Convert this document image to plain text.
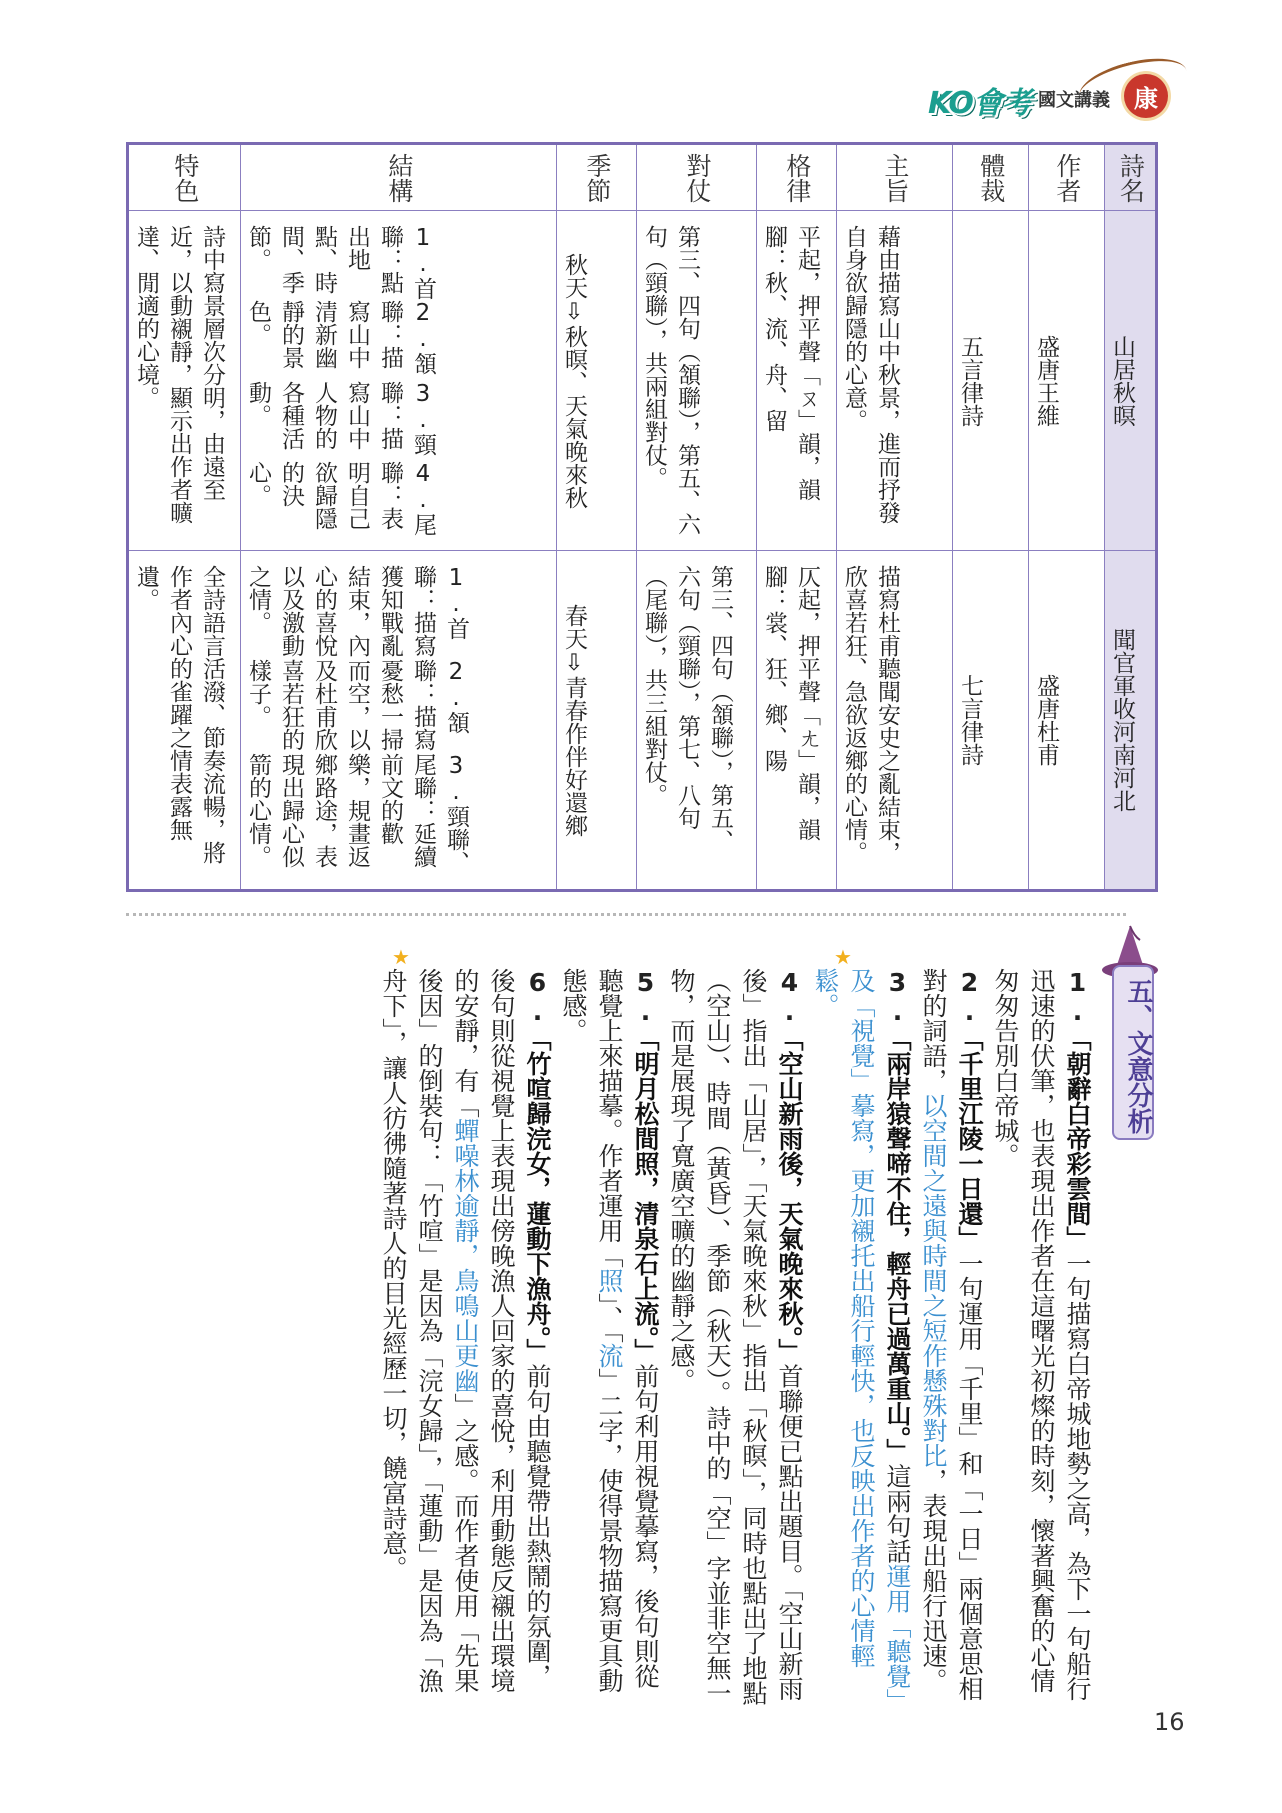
KO會考 國文講義	康
特色
詩中寫景層次分明，由遠至近，以動襯靜，顯示出作者曠達、閒適的心境。
全詩語言活潑、節奏流暢，將作者內心的雀躍之情表露無遺。
結構

1.首聯：點出地點、時間、季節。

2.頷聯：描寫山中清新幽靜的景色。

3.頸聯：描寫山中人物的各種活動。

4.尾聯：表明自己欲歸隱的決心。

1.首聯：描寫獲知戰亂結束，內心的喜悅以及激動之情。

2.頷聯：描寫憂愁一掃而空，以及杜甫欣喜若狂的樣子。

3.頸聯、尾聯：延續前文的歡樂，規畫返鄉路途，表現出歸心似箭的心情。

季節
秋天⇩秋暝、天氣晚來秋
春天⇩青春作伴好還鄉
對仗
第三、四句（頷聯），第五、六句（頸聯），共兩組對仗。
第三、四句（頷聯），第五、六句（頸聯），第七、八句（尾聯），共三組對仗。
格律
平起，押平聲「ㄡ」韻，韻腳：秋、流、舟、留
仄起，押平聲「ㄤ」韻，韻腳：裳、狂、鄉、陽
主旨
藉由描寫山中秋景，進而抒發自身欲歸隱的心意。
描寫杜甫聽聞安史之亂結束，欣喜若狂、急欲返鄉的心情。
體裁
五言律詩
七言律詩
作者
盛唐王維
盛唐杜甫
詩名
山居秋暝
聞官軍收河南河北
五、文意分析

1.「朝辭白帝彩雲間」一句描寫白帝城地勢之高，為下一句船行迅速的伏筆，也表現出作者在這曙光初燦的時刻，懷著興奮的心情匆匆告別白帝城。

2.「千里江陵一日還」一句運用「千里」和「一日」兩個意思相對的詞語，以空間之遠與時間之短作懸殊對比，表現出船行迅速。

3.「兩岸猿聲啼不住，輕舟已過萬重山。」這兩句話運用「聽覺」及「視覺」摹寫，更加襯托出船行輕快，也反映出作者的心情輕鬆。

4.「空山新雨後，天氣晚來秋。」首聯便已點出題目。「空山新雨後」指出「山居」，「天氣晚來秋」指出「秋暝」，同時也點出了地點（空山）、時間（黃昏）、季節（秋天）。詩中的「空」字並非空無一物，而是展現了寬廣空曠的幽靜之感。

5.「明月松間照，清泉石上流。」前句利用視覺摹寫，後句則從聽覺上來描摹。作者運用「照」、「流」二字，使得景物描寫更具動態感。

6.「竹喧歸浣女，蓮動下漁舟。」前句由聽覺帶出熱鬧的氛圍，後句則從視覺上表現出傍晚漁人回家的喜悅，利用動態反襯出環境的安靜，有「蟬噪林逾靜，鳥鳴山更幽」之感。而作者使用「先果後因」的倒裝句：「竹喧」是因為「浣女歸」，「蓮動」是因為「漁舟下」，讓人彷彿隨著詩人的目光經歷一切，饒富詩意。

★
★
16
